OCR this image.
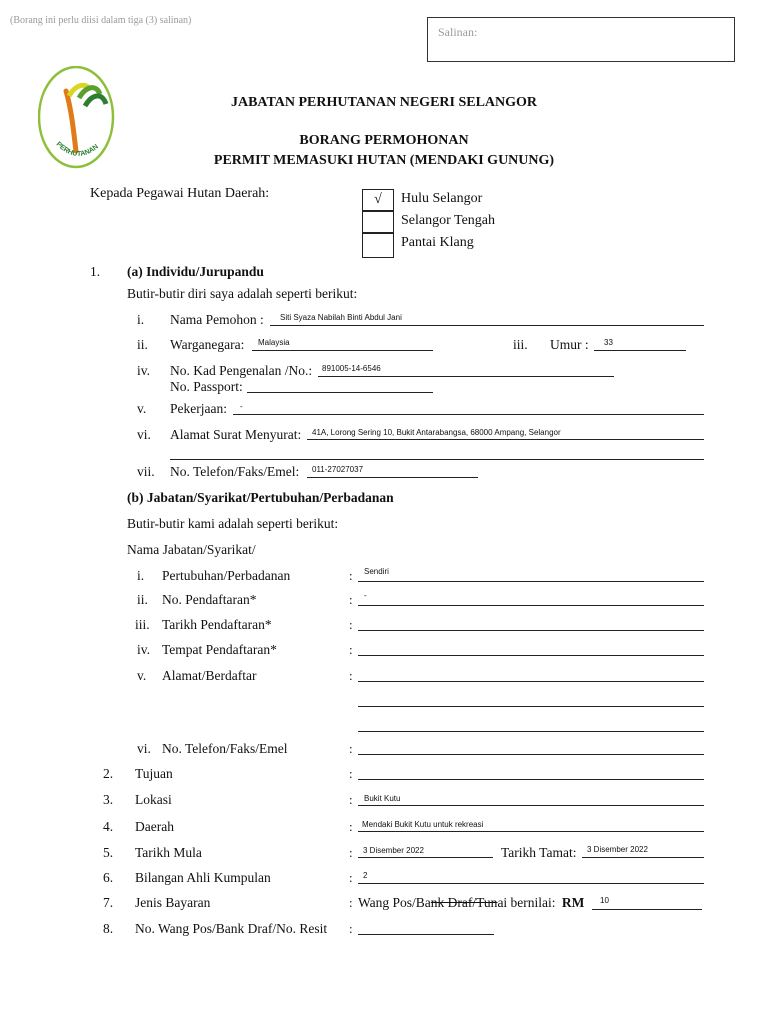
(Borang ini perlu diisi dalam tiga (3) salinan)
Salinan:
PERHUTANAN
JABATAN PERHUTANAN NEGERI SELANGOR
BORANG PERMOHONAN
PERMIT MEMASUKI HUTAN (MENDAKI GUNUNG)
Kepada Pegawai Hutan Daerah:	√	Hulu Selangor
Selangor Tengah
Pantai Klang
1. (a) Individu/Jurupandu
Butir-butir diri saya adalah seperti berikut:
i. Nama Pemohon : Siti Syaza Nabilah Binti Abdul Jani
ii. Warganegara: Malaysia	iii. Umur : 33
iv. No. Kad Pengenalan /No.: 891005-14-6546
No. Passport:
v. Pekerjaan: -
vi. Alamat Surat Menyurat: 41A, Lorong Sering 10, Bukit Antarabangsa, 68000 Ampang, Selangor
vii. No. Telefon/Faks/Emel: 011-27027037
(b) Jabatan/Syarikat/Pertubuhan/Perbadanan
Butir-butir kami adalah seperti berikut:
Nama Jabatan/Syarikat/
i. Pertubuhan/Perbadanan	: Sendiri
ii. No. Pendaftaran*	: -
iii. Tarikh Pendaftaran*	:
iv. Tempat Pendaftaran*	:
v. Alamat/Berdaftar	:
vi. No. Telefon/Faks/Emel	:
2. Tujuan	:
3. Lokasi	: Bukit Kutu
4. Daerah	: Mendaki Bukit Kutu untuk rekreasi
5. Tarikh Mula	: 3 Disember 2022	Tarikh Tamat: 3 Disember 2022
6. Bilangan Ahli Kumpulan	: 2
7. Jenis Bayaran	: Wang Pos/Bank Draf/Tunai bernilai: RM 10
8. No. Wang Pos/Bank Draf/No. Resit :
